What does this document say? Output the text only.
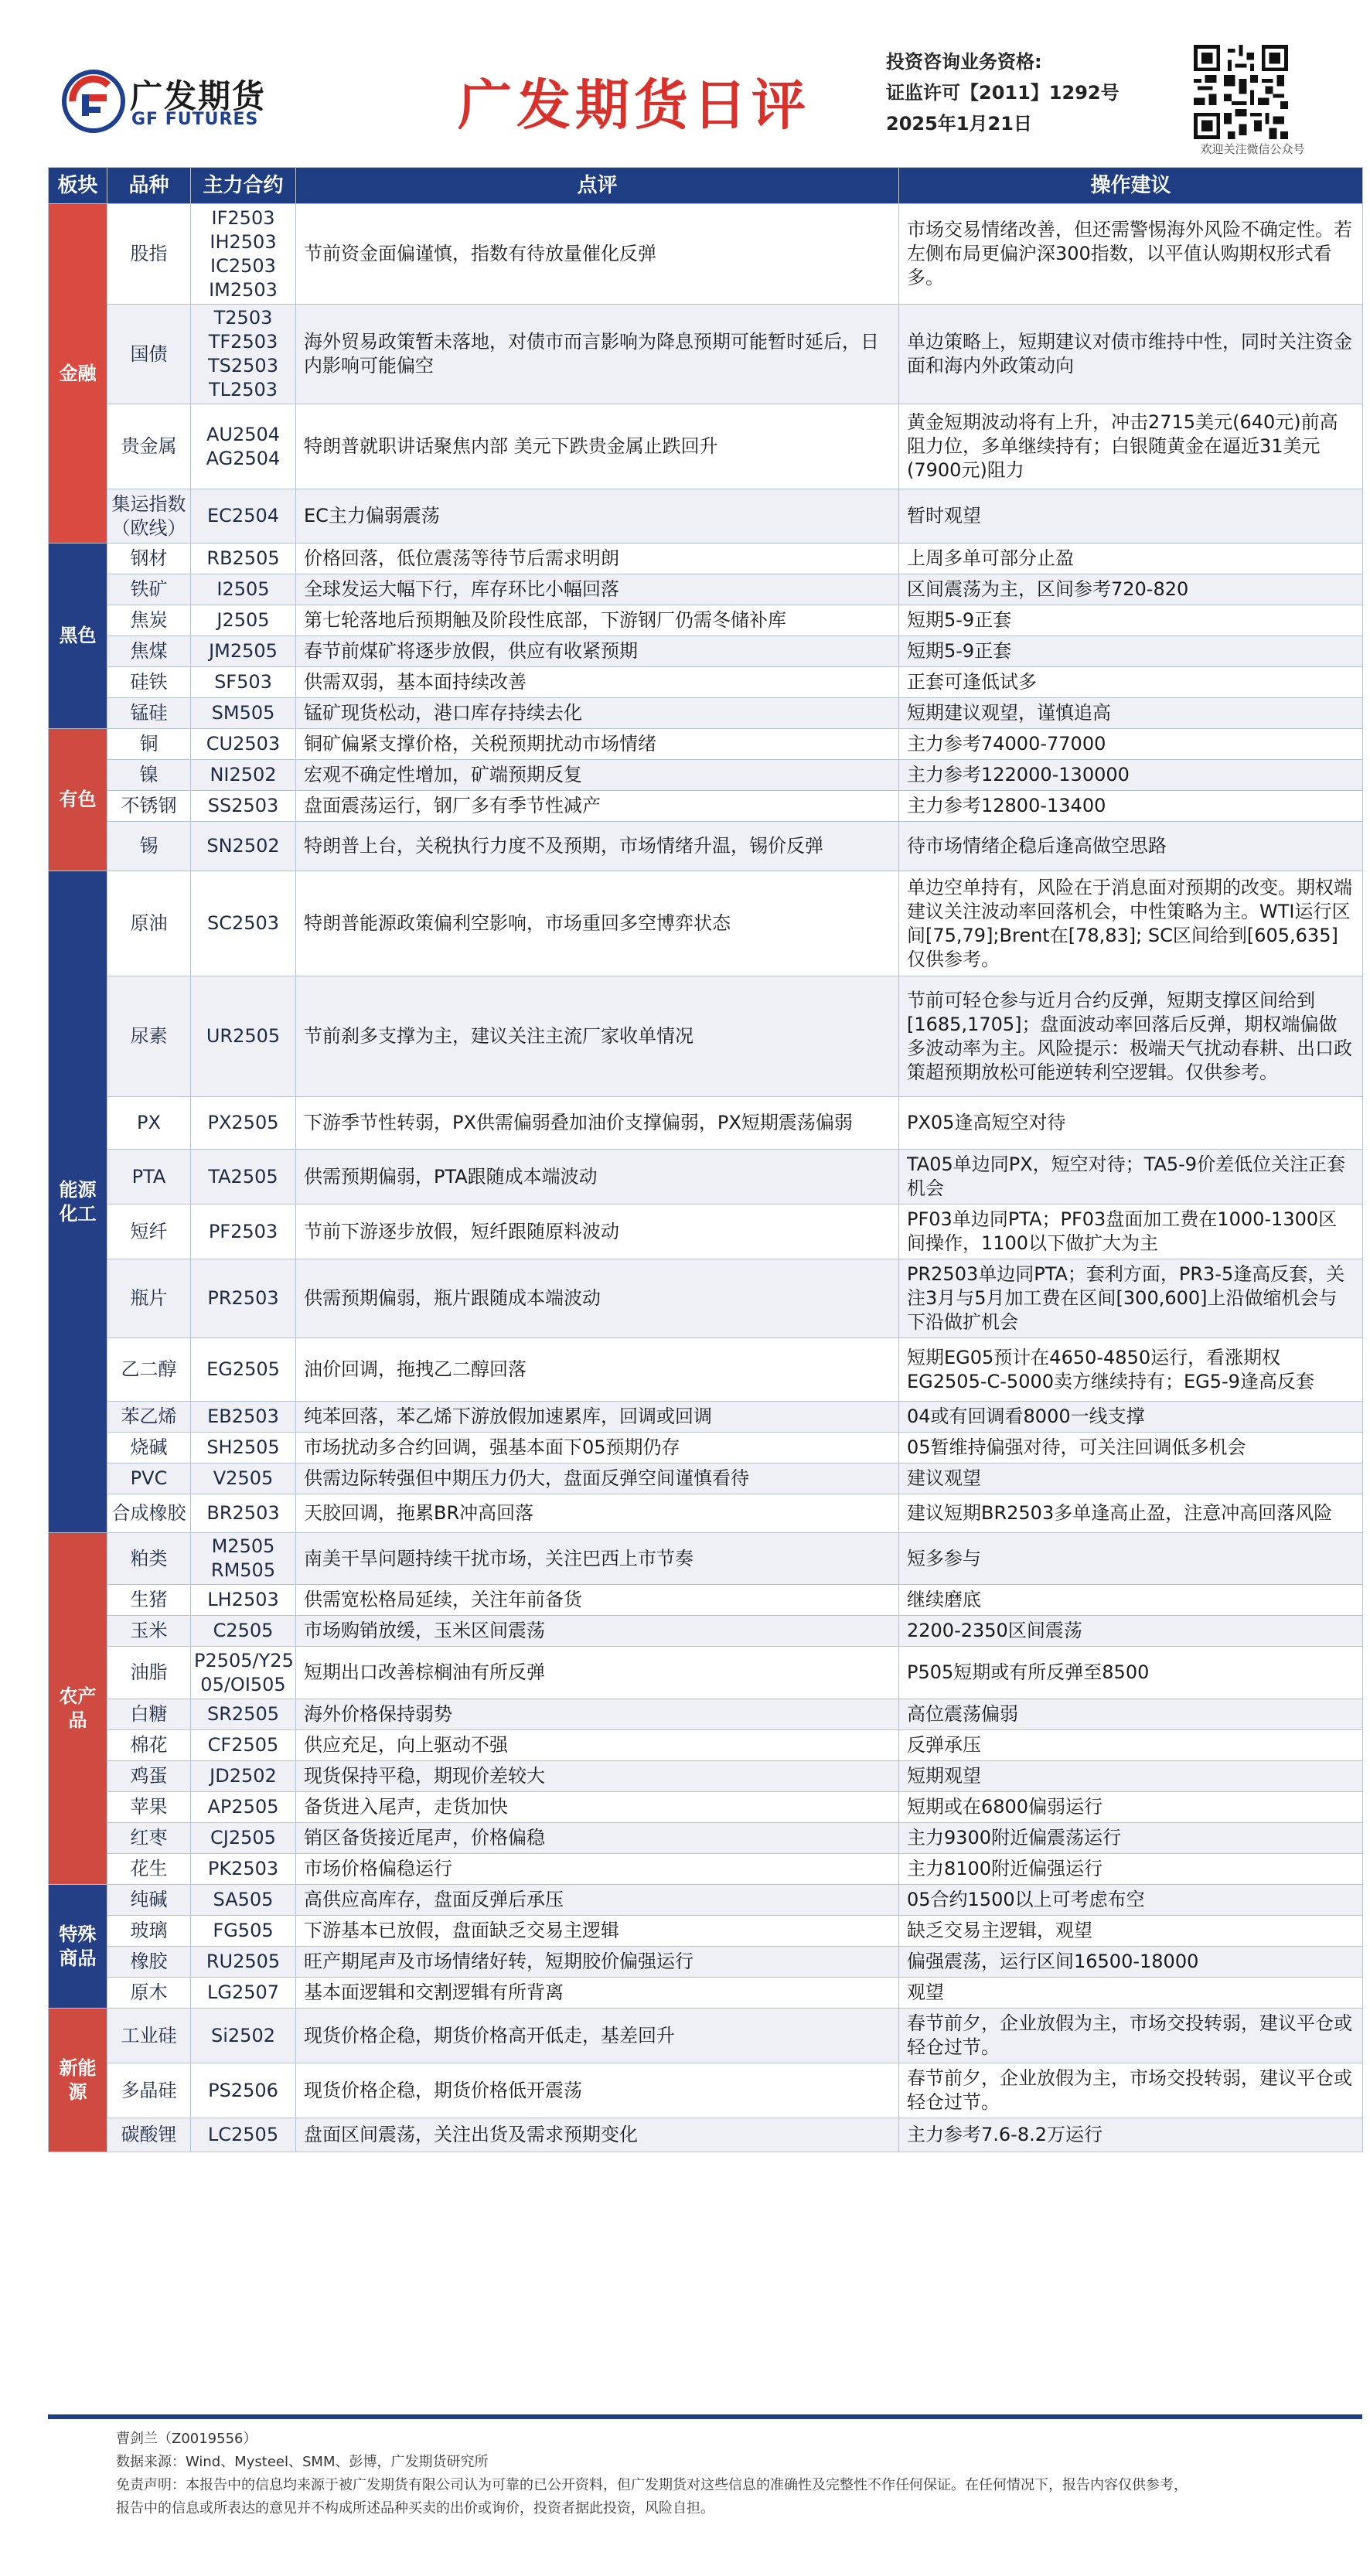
广发期货
GF FUTURES	广发期货日评
投资咨询业务资格:
证监许可【2011】1292号
2025年1月21日
欢迎关注微信公众号
板块	品种	主力合约	点评	操作建议
金融	股指	IF2503
IH2503
IC2503
IM2503	节前资金面偏谨慎，指数有待放量催化反弹	市场交易情绪改善，但还需警惕海外风险不确定性。若左侧布局更偏沪深300指数，以平值认购期权形式看多。
	国债	T2503
TF2503
TS2503
TL2503	海外贸易政策暂未落地，对债市而言影响为降息预期可能暂时延后，日内影响可能偏空	单边策略上，短期建议对债市维持中性，同时关注资金面和海内外政策动向
	贵金属	AU2504
AG2504	特朗普就职讲话聚焦内部 美元下跌贵金属止跌回升	黄金短期波动将有上升，冲击2715美元(640元)前高阻力位，多单继续持有；白银随黄金在逼近31美元(7900元)阻力
	集运指数
（欧线）	EC2504	EC主力偏弱震荡	暂时观望
黑色	钢材	RB2505	价格回落，低位震荡等待节后需求明朗	上周多单可部分止盈
	铁矿	I2505	全球发运大幅下行，库存环比小幅回落	区间震荡为主，区间参考720-820
	焦炭	J2505	第七轮落地后预期触及阶段性底部，下游钢厂仍需冬储补库	短期5-9正套
	焦煤	JM2505	春节前煤矿将逐步放假，供应有收紧预期	短期5-9正套
	硅铁	SF503	供需双弱，基本面持续改善	正套可逢低试多
	锰硅	SM505	锰矿现货松动，港口库存持续去化	短期建议观望，谨慎追高
有色	铜	CU2503	铜矿偏紧支撑价格，关税预期扰动市场情绪	主力参考74000-77000
	镍	NI2502	宏观不确定性增加，矿端预期反复	主力参考122000-130000
	不锈钢	SS2503	盘面震荡运行，钢厂多有季节性减产	主力参考12800-13400
	锡	SN2502	特朗普上台，关税执行力度不及预期，市场情绪升温，锡价反弹	待市场情绪企稳后逢高做空思路
能源
化工	原油	SC2503	特朗普能源政策偏利空影响，市场重回多空博弈状态	单边空单持有，风险在于消息面对预期的改变。期权端建议关注波动率回落机会，中性策略为主。WTI运行区间[75,79];Brent在[78,83]; SC区间给到[605,635]仅供参考。
	尿素	UR2505	节前刹多支撑为主，建议关注主流厂家收单情况	节前可轻仓参与近月合约反弹，短期支撑区间给到[1685,1705]；盘面波动率回落后反弹，期权端偏做多波动率为主。风险提示：极端天气扰动春耕、出口政策超预期放松可能逆转利空逻辑。仅供参考。
	PX	PX2505	下游季节性转弱，PX供需偏弱叠加油价支撑偏弱，PX短期震荡偏弱	PX05逢高短空对待
	PTA	TA2505	供需预期偏弱，PTA跟随成本端波动	TA05单边同PX，短空对待；TA5-9价差低位关注正套机会
	短纤	PF2503	节前下游逐步放假，短纤跟随原料波动	PF03单边同PTA；PF03盘面加工费在1000-1300区间操作，1100以下做扩大为主
	瓶片	PR2503	供需预期偏弱，瓶片跟随成本端波动	PR2503单边同PTA；套利方面，PR3-5逢高反套，关注3月与5月加工费在区间[300,600]上沿做缩机会与下沿做扩机会
	乙二醇	EG2505	油价回调，拖拽乙二醇回落	短期EG05预计在4650-4850运行，看涨期权EG2505-C-5000卖方继续持有；EG5-9逢高反套
	苯乙烯	EB2503	纯苯回落，苯乙烯下游放假加速累库，回调或回调	04或有回调看8000一线支撑
	烧碱	SH2505	市场扰动多合约回调，强基本面下05预期仍存	05暂维持偏强对待，可关注回调低多机会
	PVC	V2505	供需边际转强但中期压力仍大，盘面反弹空间谨慎看待	建议观望
	合成橡胶	BR2503	天胶回调，拖累BR冲高回落	建议短期BR2503多单逢高止盈，注意冲高回落风险
农产品	粕类	M2505
RM505	南美干旱问题持续干扰市场，关注巴西上市节奏	短多参与
	生猪	LH2503	供需宽松格局延续，关注年前备货	继续磨底
	玉米	C2505	市场购销放缓，玉米区间震荡	2200-2350区间震荡
	油脂	P2505/Y25
05/OI505	短期出口改善棕榈油有所反弹	P505短期或有所反弹至8500
	白糖	SR2505	海外价格保持弱势	高位震荡偏弱
	棉花	CF2505	供应充足，向上驱动不强	反弹承压
	鸡蛋	JD2502	现货保持平稳，期现价差较大	短期观望
	苹果	AP2505	备货进入尾声，走货加快	短期或在6800偏弱运行
	红枣	CJ2505	销区备货接近尾声，价格偏稳	主力9300附近偏震荡运行
	花生	PK2503	市场价格偏稳运行	主力8100附近偏强运行
特殊
商品	纯碱	SA505	高供应高库存，盘面反弹后承压	05合约1500以上可考虑布空
	玻璃	FG505	下游基本已放假，盘面缺乏交易主逻辑	缺乏交易主逻辑，观望
	橡胶	RU2505	旺产期尾声及市场情绪好转，短期胶价偏强运行	偏强震荡，运行区间16500-18000
	原木	LG2507	基本面逻辑和交割逻辑有所背离	观望
新能源	工业硅	Si2502	现货价格企稳，期货价格高开低走，基差回升	春节前夕，企业放假为主，市场交投转弱，建议平仓或轻仓过节。
	多晶硅	PS2506	现货价格企稳，期货价格低开震荡	春节前夕，企业放假为主，市场交投转弱，建议平仓或轻仓过节。
	碳酸锂	LC2505	盘面区间震荡，关注出货及需求预期变化	主力参考7.6-8.2万运行
曹剑兰（Z0019556）
数据来源：Wind、Mysteel、SMM、彭博，广发期货研究所
免责声明：本报告中的信息均来源于被广发期货有限公司认为可靠的已公开资料，但广发期货对这些信息的准确性及完整性不作任何保证。在任何情况下，报告内容仅供参考，
报告中的信息或所表达的意见并不构成所述品种买卖的出价或询价，投资者据此投资，风险自担。
